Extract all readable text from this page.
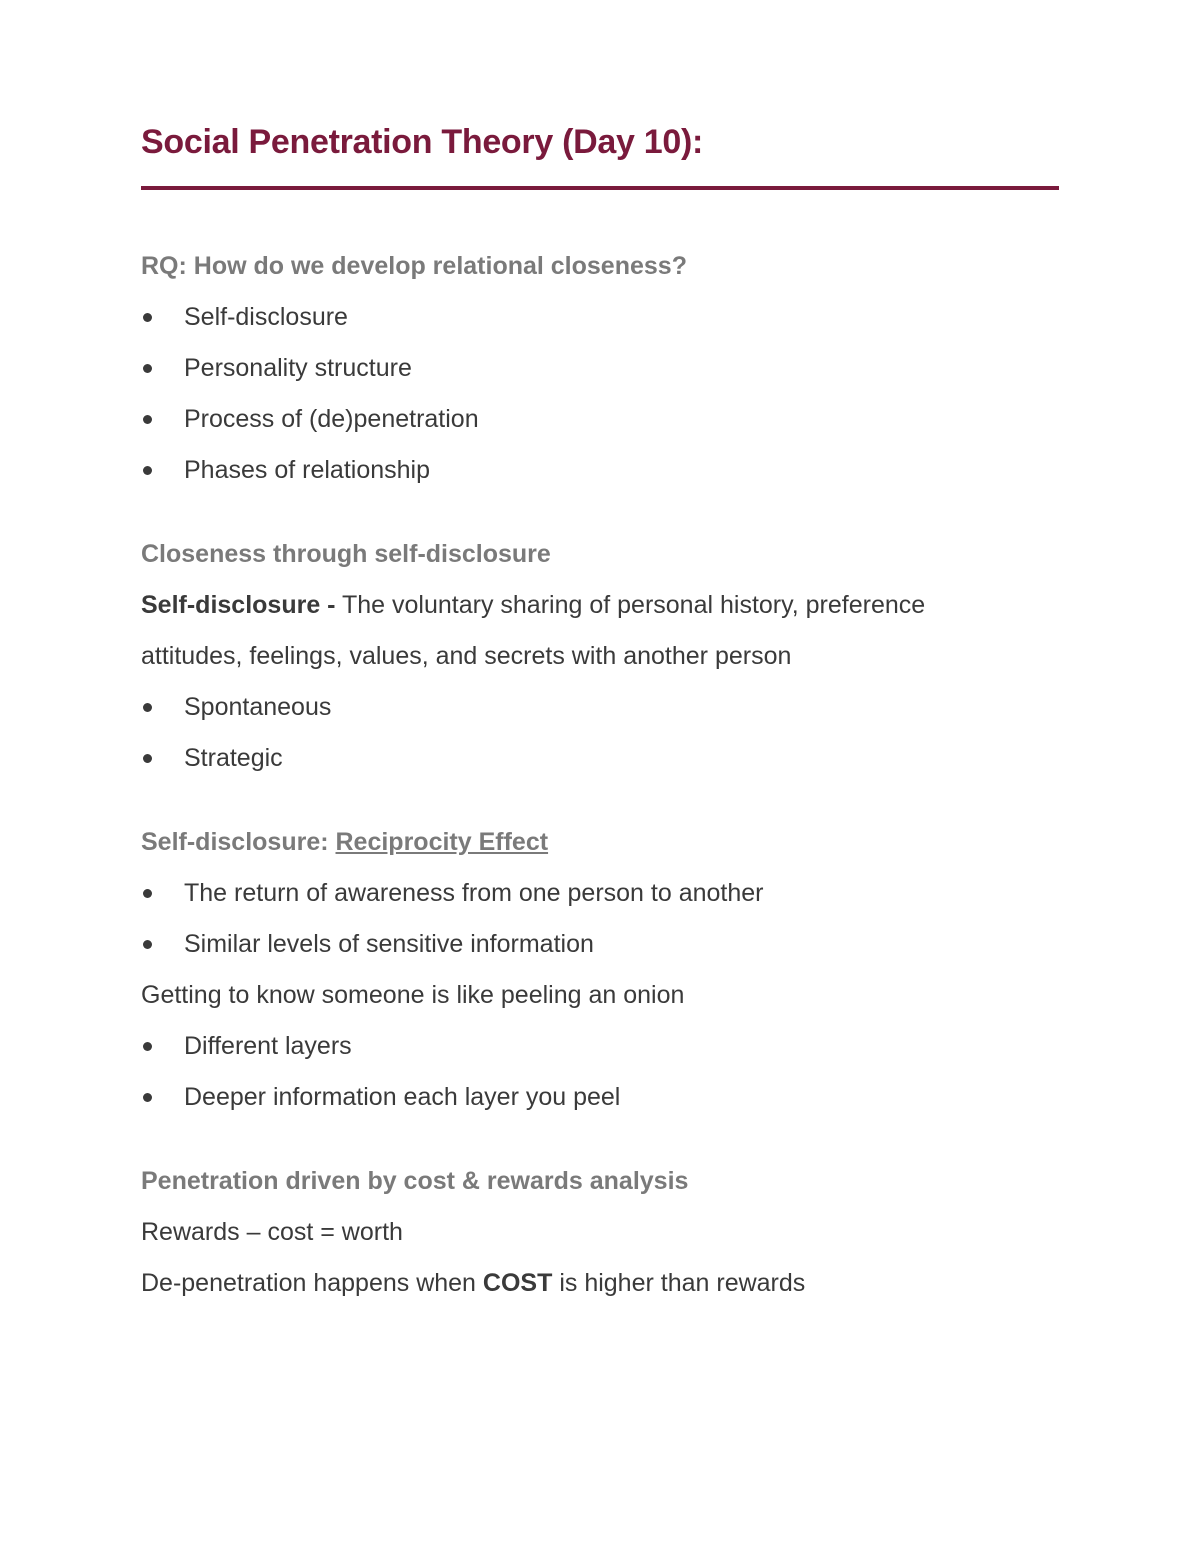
Social Penetration Theory (Day 10):
RQ: How do we develop relational closeness?
Self-disclosure
Personality structure
Process of (de)penetration
Phases of relationship
Closeness through self-disclosure
Self-disclosure - The voluntary sharing of personal history, preference
attitudes, feelings, values, and secrets with another person
Spontaneous
Strategic
Self-disclosure: Reciprocity Effect
The return of awareness from one person to another
Similar levels of sensitive information
Getting to know someone is like peeling an onion
Different layers
Deeper information each layer you peel
Penetration driven by cost & rewards analysis
Rewards – cost = worth
De-penetration happens when COST is higher than rewards
